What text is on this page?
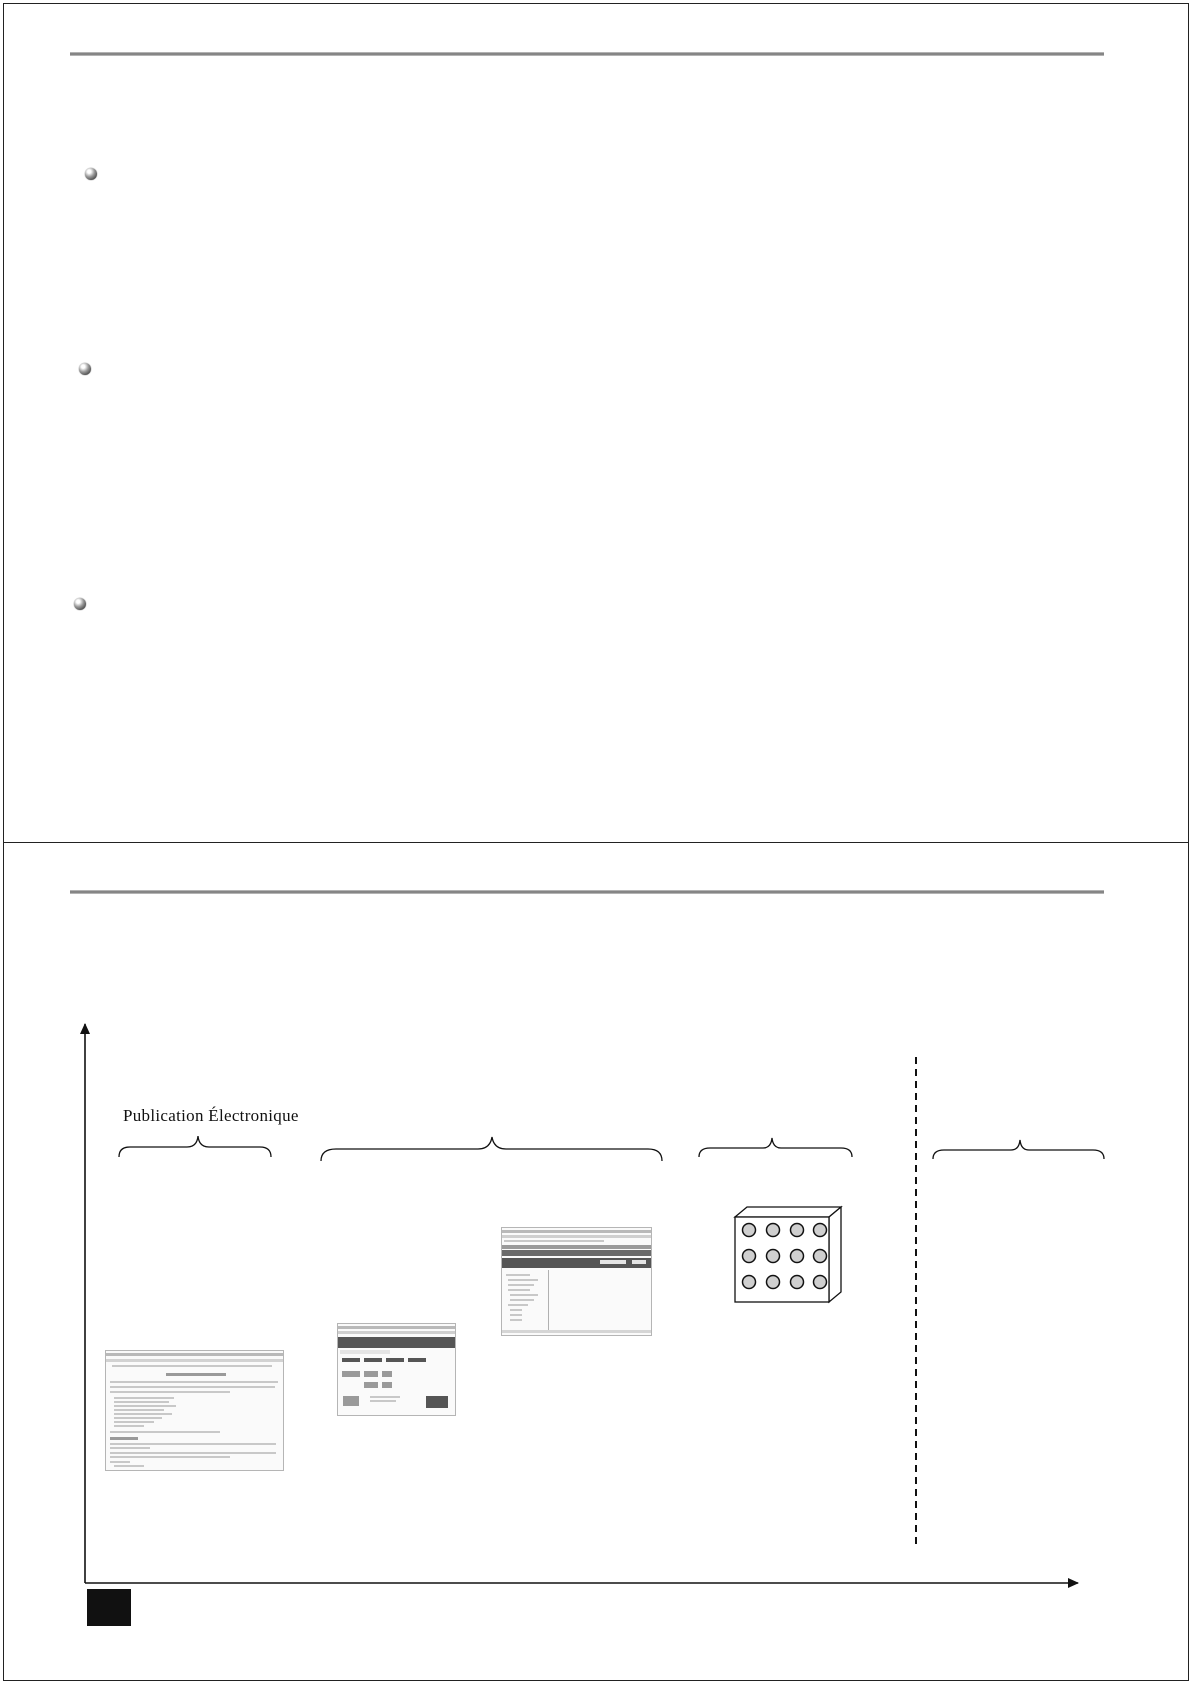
Publication Électronique
